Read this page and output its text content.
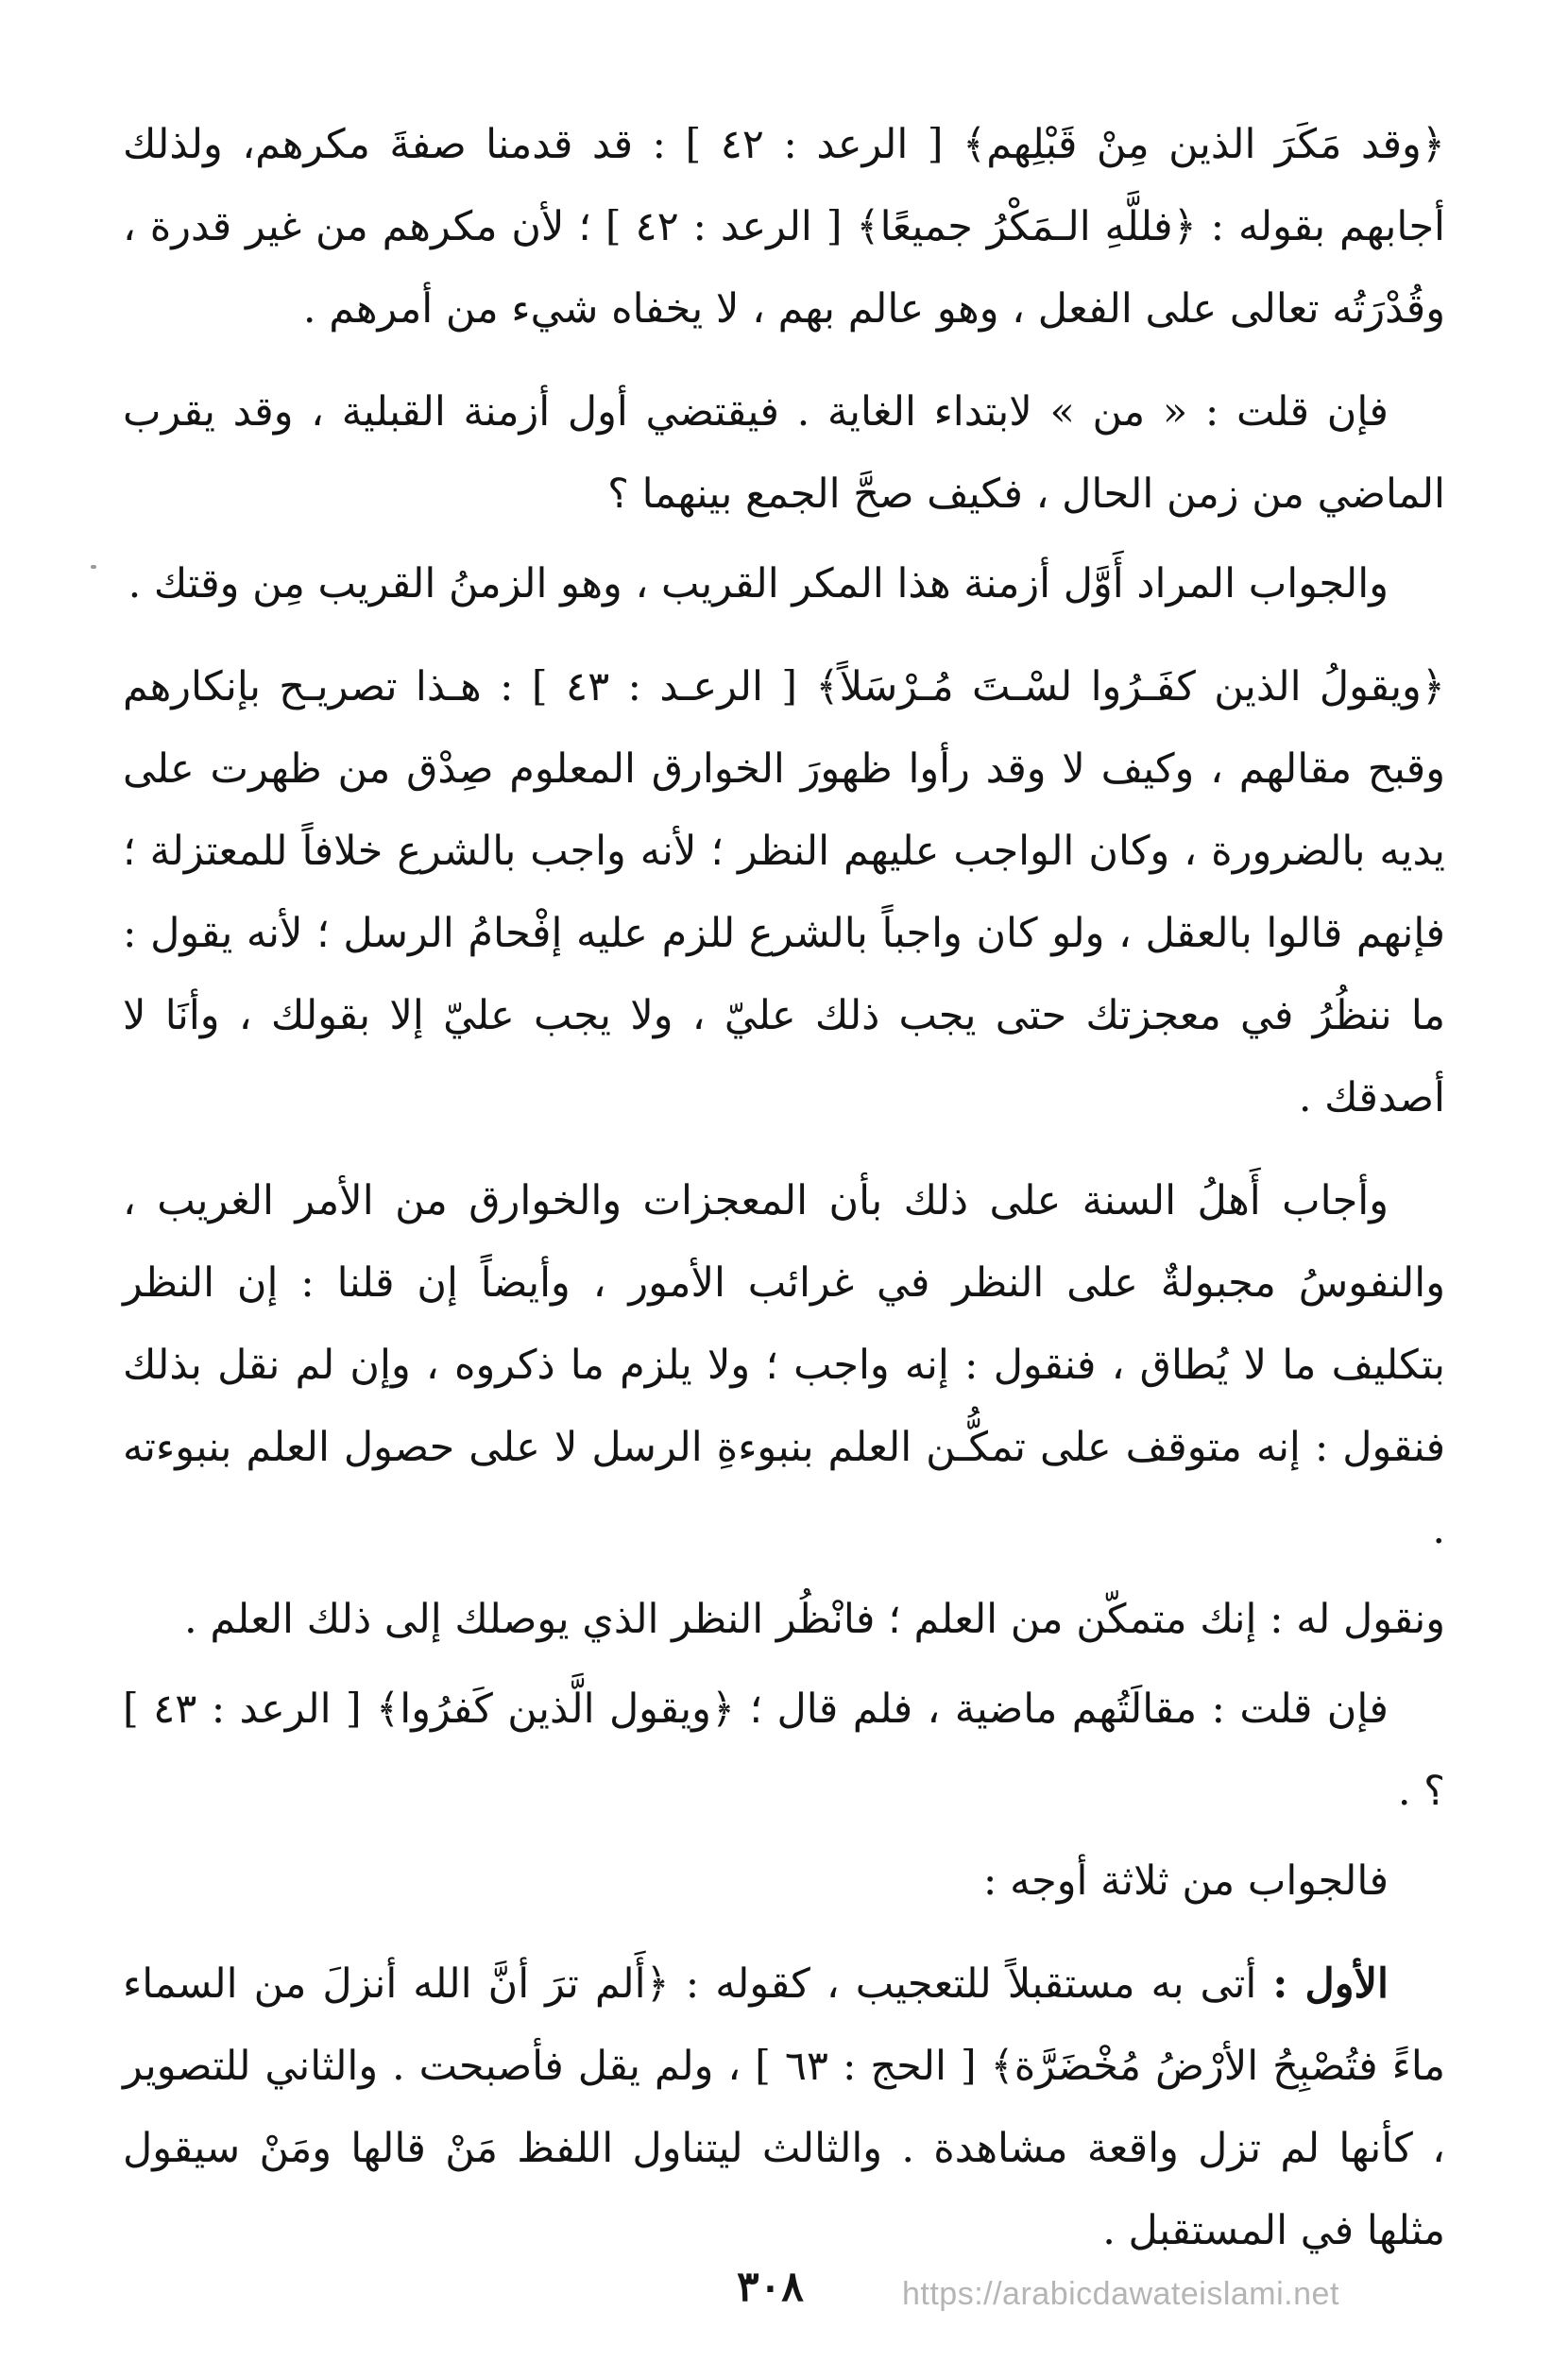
﴿وقد مَكَرَ الذين مِنْ قَبْلِهم﴾ [ الرعد : ٤٢ ] : قد قدمنا صفةَ مكرهم، ولذلك أجابهم بقوله : ﴿فللَّهِ الـمَكْرُ جميعًا﴾ [ الرعد : ٤٢ ] ؛ لأن مكرهم من غير قدرة ، وقُدْرَتُه تعالى على الفعل ، وهو عالم بهم ، لا يخفاه شيء من أمرهم .

فإن قلت : « من » لابتداء الغاية . فيقتضي أول أزمنة القبلية ، وقد يقرب الماضي من زمن الحال ، فكيف صحَّ الجمع بينهما ؟

والجواب المراد أَوَّل أزمنة هذا المكر القريب ، وهو الزمنُ القريب مِن وقتك .

﴿ويقولُ الذين كفَـرُوا لسْـتَ مُـرْسَلاً﴾ [ الرعـد : ٤٣ ] : هـذا تصريـح بإنكارهم وقبح مقالهم ، وكيف لا وقد رأوا ظهورَ الخوارق المعلوم صِدْق من ظهرت على يديه بالضرورة ، وكان الواجب عليهم النظر ؛ لأنه واجب بالشرع خلافاً للمعتزلة ؛ فإنهم قالوا بالعقل ، ولو كان واجباً بالشرع للزم عليه إفْحامُ الرسل ؛ لأنه يقول : ما ننظُرُ في معجزتك حتى يجب ذلك عليّ ، ولا يجب عليّ إلا بقولك ، وأنَا لا أصدقك .

وأجاب أَهلُ السنة على ذلك بأن المعجزات والخوارق من الأمر الغريب ، والنفوسُ مجبولةٌ على النظر في غرائب الأمور ، وأيضاً إن قلنا : إن النظر بتكليف ما لا يُطاق ، فنقول : إنه واجب ؛ ولا يلزم ما ذكروه ، وإن لم نقل بذلك فنقول : إنه متوقف على تمكُّـن العلم بنبوءةِ الرسل لا على حصول العلم بنبوءته .

ونقول له : إنك متمكّن من العلم ؛ فانْظُر النظر الذي يوصلك إلى ذلك العلم .

فإن قلت : مقالَتُهم ماضية ، فلم قال ؛ ﴿ويقول الَّذين كَفرُوا﴾ [ الرعد : ٤٣ ] ؟ .

فالجواب من ثلاثة أوجه :

الأول : أتى به مستقبلاً للتعجيب ، كقوله : ﴿أَلم ترَ أنَّ الله أنزلَ من السماء ماءً فتُصْبِحُ الأرْضُ مُخْضَرَّة﴾ [ الحج : ٦٣ ] ، ولم يقل فأصبحت . والثاني للتصوير ، كأنها لم تزل واقعة مشاهدة . والثالث ليتناول اللفظ مَنْ قالها ومَنْ سيقول مثلها في المستقبل .

https://arabicdawateislami.net
٣٠٨
